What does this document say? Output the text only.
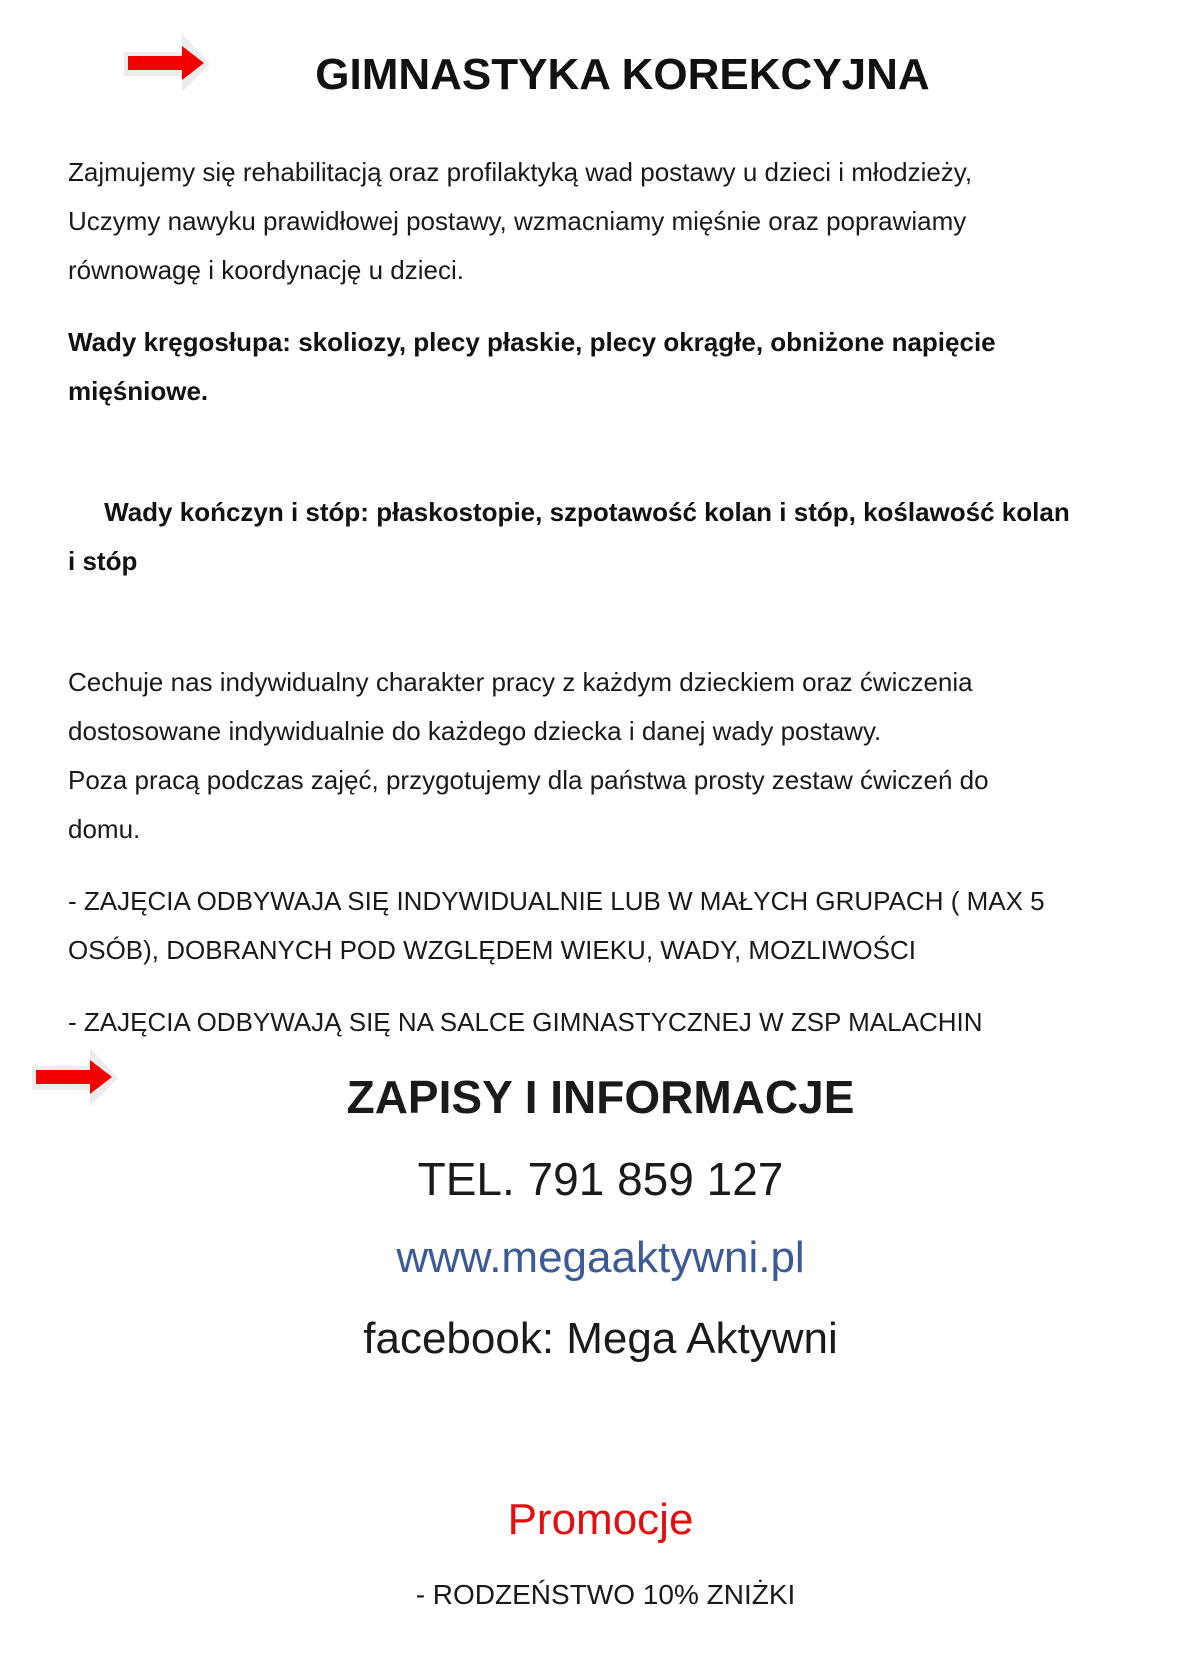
GIMNASTYKA KOREKCYJNA

Zajmujemy się rehabilitacją oraz profilaktyką wad postawy u dzieci i młodzieży,
Uczymy nawyku prawidłowej postawy, wzmacniamy mięśnie oraz poprawiamy
równowagę i koordynację u dzieci.

Wady kręgosłupa: skoliozy, plecy płaskie, plecy okrągłe, obniżone napięcie
mięśniowe.

Wady kończyn i stóp: płaskostopie, szpotawość kolan i stóp, koślawość kolan
i stóp

Cechuje nas indywidualny charakter pracy z każdym dzieckiem oraz ćwiczenia
dostosowane indywidualnie do każdego dziecka i danej wady postawy.

Poza pracą podczas zajęć, przygotujemy dla państwa prosty zestaw ćwiczeń do
domu.

- ZAJĘCIA ODBYWAJA SIĘ INDYWIDUALNIE LUB W MAŁYCH GRUPACH ( MAX 5
OSÓB), DOBRANYCH POD WZGLĘDEM WIEKU, WADY, MOZLIWOŚCI

- ZAJĘCIA ODBYWAJĄ SIĘ NA SALCE GIMNASTYCZNEJ W ZSP MALACHIN

ZAPISY I INFORMACJE
TEL. 791 859 127
www.megaaktywni.pl
facebook: Mega Aktywni
Promocje
- RODZEŃSTWO 10% ZNIŻKI
